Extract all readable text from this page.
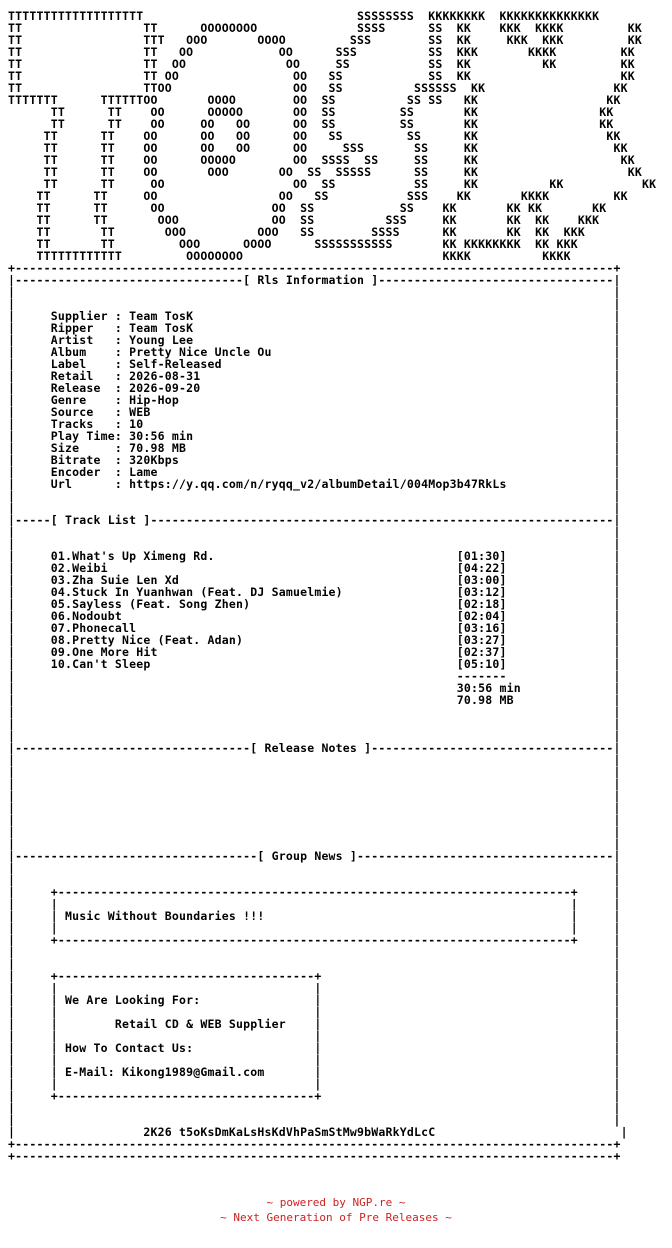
TTTTTTTTTTTTTTTTTTT                              SSSSSSSS  KKKKKKKK  KKKKKKKKKKKKKK
TT                 TT      OOOOOOOO              SSSS      SS  KK    KKK  KKKK         KK
TT                 TTT   OOO       OOOO         SSS        SS  KK     KKK  KKK         KK
TT                 TT   OO            OO      SSS          SS  KKK       KKKK         KK
TT                 TT  OO              OO     SS           SS  KK          KK         KK
TT                 TT OO                OO   SS            SS  KK                     KK
TT                 TTOO                 OO   SS          SSSSSS  KK                  KK
TTTTTTT      TTTTTTOO       OOOO        OO  SS          SS SS   KK                  KK
TT      TT    OO      OOOOO       OO  SS         SS       KK                 KK
TT      TT    OO     OO   OO      OO  SS         SS       KK                 KK
TT      TT    OO      OO   OO      OO   SS         SS      KK                  KK
TT      TT    OO      OO   OO      OO     SSS       SS     KK                   KK
TT      TT    OO      OOOOO        OO  SSSS  SS     SS     KK                    KK
TT      TT    OO       OOO       OO  SS  SSSSS      SS     KK                     KK
TT      TT     OO                  OO  SS           SS     KK          KK           KK
TT      TT     OO                 OO   SS           SSS    KK       KKKK         KK
TT      TT      OO               OO  SS            SS    KK       KK KK       KK
TT      TT       OOO             OO  SS          SSS     KK       KK  KK    KKK
TT       TT       OOO          OOO   SS        SSSS      KK       KK  KK  KKK
TT       TT         OOO      OOOO      SSSSSSSSSSS       KK KKKKKKKK  KK KKK
TTTTTTTTTTTT         OOOOOOOO                            KKKK          KKKK
+------------------------------------------------------------------------------------+
|--------------------------------[ Rls Information ]---------------------------------|
|                                                                                    |
|                                                                                    |
|     Supplier : Team TosK                                                           |
|     Ripper   : Team TosK                                                           |
|     Artist   : Young Lee                                                           |
|     Album    : Pretty Nice Uncle Ou                                                |
|     Label    : Self-Released                                                       |
|     Retail   : 2026-08-31                                                          |
|     Release  : 2026-09-20                                                          |
|     Genre    : Hip-Hop                                                             |
|     Source   : WEB                                                                 |
|     Tracks   : 10                                                                  |
|     Play Time: 30:56 min                                                           |
|     Size     : 70.98 MB                                                            |
|     Bitrate  : 320Kbps                                                             |
|     Encoder  : Lame                                                                |
|     Url      : https://y.qq.com/n/ryqq_v2/albumDetail/004Mop3b47RkLs               |
|                                                                                    |
|                                                                                    |
|-----[ Track List ]-----------------------------------------------------------------|
|                                                                                    |
|                                                                                    |
|     01.What's Up Ximeng Rd.                                  [01:30]               |
|     02.Weibi                                                 [04:22]               |
|     03.Zha Suie Len Xd                                       [03:00]               |
|     04.Stuck In Yuanhwan (Feat. DJ Samuelmie)                [03:12]               |
|     05.Sayless (Feat. Song Zhen)                             [02:18]               |
|     06.Nodoubt                                               [02:04]               |
|     07.Phonecall                                             [03:16]               |
|     08.Pretty Nice (Feat. Adan)                              [03:27]               |
|     09.One More Hit                                          [02:37]               |
|     10.Can't Sleep                                           [05:10]               |
|                                                              -------               |
|                                                              30:56 min             |
|                                                              70.98 MB              |
|                                                                                    |
|                                                                                    |
|                                                                                    |
|---------------------------------[ Release Notes ]----------------------------------|
|                                                                                    |
|                                                                                    |
|                                                                                    |
|                                                                                    |
|                                                                                    |
|                                                                                    |
|                                                                                    |
|                                                                                    |
|----------------------------------[ Group News ]------------------------------------|
|                                                                                    |
|                                                                                    |
|     +------------------------------------------------------------------------+     |
|     |                                                                        |     |
|     | Music Without Boundaries !!!                                           |     |
|     |                                                                        |     |
|     +------------------------------------------------------------------------+     |
|                                                                                    |
|                                                                                    |
|     +------------------------------------+                                         |
|     |                                    |                                         |
|     | We Are Looking For:                |                                         |
|     |                                    |                                         |
|     |        Retail CD & WEB Supplier    |                                         |
|     |                                    |                                         |
|     | How To Contact Us:                 |                                         |
|     |                                    |                                         |
|     | E-Mail: Kikong1989@Gmail.com       |                                         |
|     |                                    |                                         |
|     +------------------------------------+                                         |
|                                                                                    |
|                                                                                    |
|                  2K26 t5oKsDmKaLsHsKdVhPaSmStMw9bWaRkYdLcC                          |
+------------------------------------------------------------------------------------+
+------------------------------------------------------------------------------------+
~ powered by NGP.re ~
~ Next Generation of Pre Releases ~
